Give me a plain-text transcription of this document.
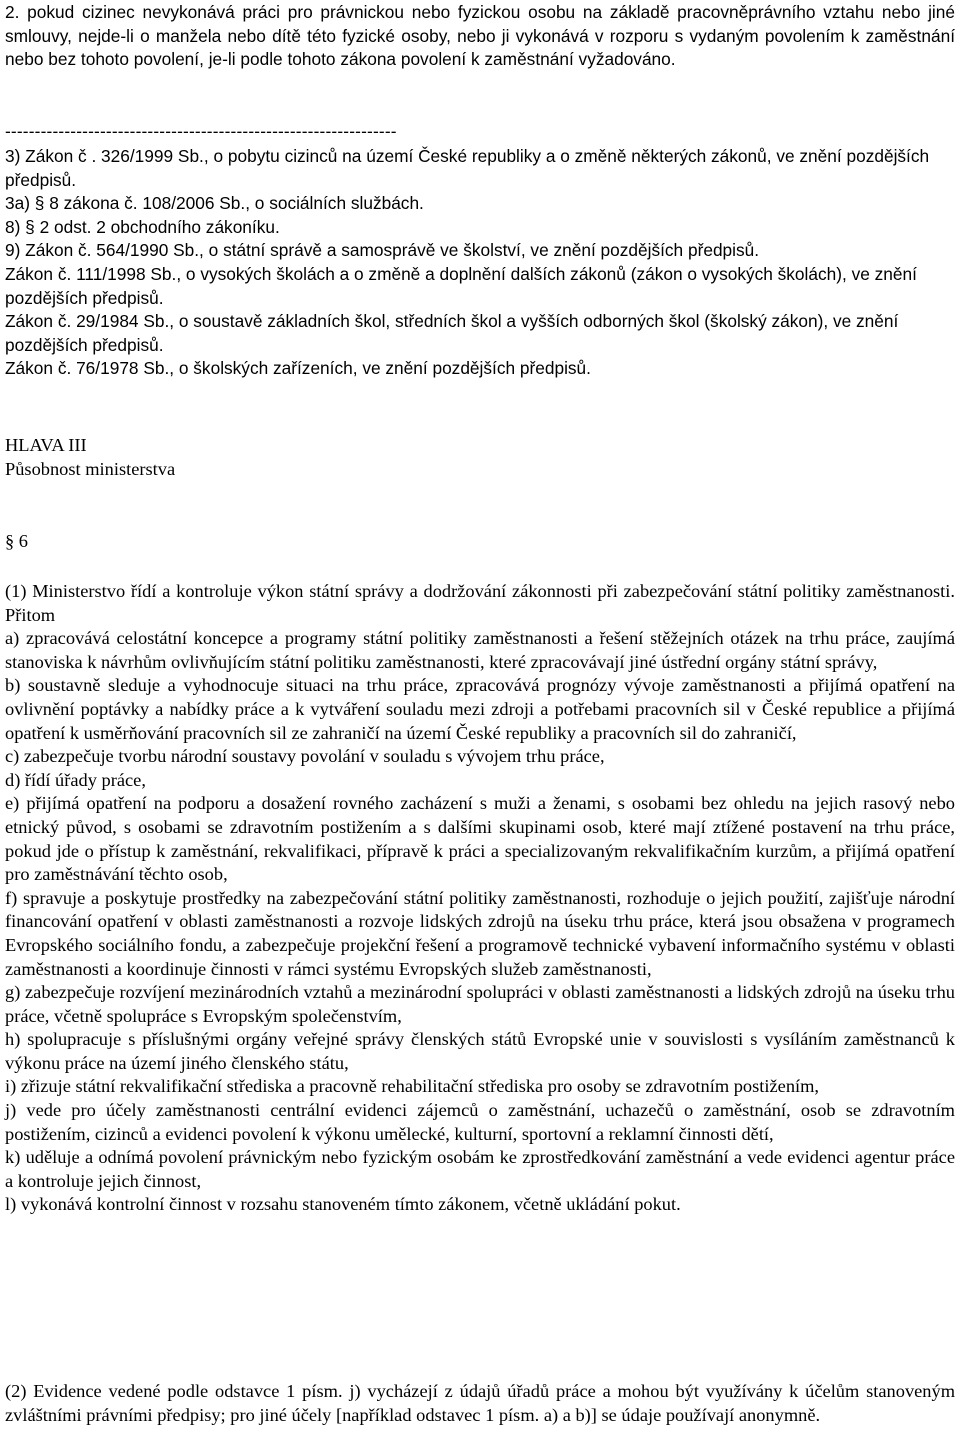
2. pokud cizinec nevykonává práci pro právnickou nebo fyzickou osobu na základě pracovněprávního vztahu nebo jiné smlouvy, nejde-li o manžela nebo dítě této fyzické osoby, nebo ji vykonává v rozporu s vydaným povolením k zaměstnání nebo bez tohoto povolení, je-li podle tohoto zákona povolení k zaměstnání vyžadováno.

------------------------------------------------------------------

3) Zákon č . 326/1999 Sb., o pobytu cizinců na území České republiky a o změně některých zákonů, ve znění pozdějších předpisů.

3a) § 8 zákona č. 108/2006 Sb., o sociálních službách.

8) § 2 odst. 2 obchodního zákoníku.

9) Zákon č. 564/1990 Sb., o státní správě a samosprávě ve školství, ve znění pozdějších předpisů.

Zákon č. 111/1998 Sb., o vysokých školách a o změně a doplnění dalších zákonů (zákon o vysokých školách), ve znění pozdějších předpisů.

Zákon č. 29/1984 Sb., o soustavě základních škol, středních škol a vyšších odborných škol (školský zákon), ve znění pozdějších předpisů.

Zákon č. 76/1978 Sb., o školských zařízeních, ve znění pozdějších předpisů.

HLAVA III

Působnost ministerstva

§ 6

(1) Ministerstvo řídí a kontroluje výkon státní správy a dodržování zákonnosti při zabezpečování státní politiky zaměstnanosti. Přitom

a) zpracovává celostátní koncepce a programy státní politiky zaměstnanosti a řešení stěžejních otázek na trhu práce, zaujímá stanoviska k návrhům ovlivňujícím státní politiku zaměstnanosti, které zpracovávají jiné ústřední orgány státní správy,

b) soustavně sleduje a vyhodnocuje situaci na trhu práce, zpracovává prognózy vývoje zaměstnanosti a přijímá opatření na ovlivnění poptávky a nabídky práce a k vytváření souladu mezi zdroji a potřebami pracovních sil v České republice a přijímá opatření k usměrňování pracovních sil ze zahraničí na území České republiky a pracovních sil do zahraničí,

c) zabezpečuje tvorbu národní soustavy povolání v souladu s vývojem trhu práce,

d) řídí úřady práce,

e) přijímá opatření na podporu a dosažení rovného zacházení s muži a ženami, s osobami bez ohledu na jejich rasový nebo etnický původ, s osobami se zdravotním postižením a s dalšími skupinami osob, které mají ztížené postavení na trhu práce, pokud jde o přístup k zaměstnání, rekvalifikaci, přípravě k práci a specializovaným rekvalifikačním kurzům, a přijímá opatření pro zaměstnávání těchto osob,

f) spravuje a poskytuje prostředky na zabezpečování státní politiky zaměstnanosti, rozhoduje o jejich použití, zajišťuje národní financování opatření v oblasti zaměstnanosti a rozvoje lidských zdrojů na úseku trhu práce, která jsou obsažena v programech Evropského sociálního fondu, a zabezpečuje projekční řešení a programově technické vybavení informačního systému v oblasti zaměstnanosti a koordinuje činnosti v rámci systému Evropských služeb zaměstnanosti,

g) zabezpečuje rozvíjení mezinárodních vztahů a mezinárodní spolupráci v oblasti zaměstnanosti a lidských zdrojů na úseku trhu práce, včetně spolupráce s Evropským společenstvím,

h) spolupracuje s příslušnými orgány veřejné správy členských států Evropské unie v souvislosti s vysíláním zaměstnanců k výkonu práce na území jiného členského státu,

i) zřizuje státní rekvalifikační střediska a pracovně rehabilitační střediska pro osoby se zdravotním postižením,

j) vede pro účely zaměstnanosti centrální evidenci zájemců o zaměstnání, uchazečů o zaměstnání, osob se zdravotním postižením, cizinců a evidenci povolení k výkonu umělecké, kulturní, sportovní a reklamní činnosti dětí,

k) uděluje a odnímá povolení právnickým nebo fyzickým osobám ke zprostředkování zaměstnání a vede evidenci agentur práce a kontroluje jejich činnost,

l) vykonává kontrolní činnost v rozsahu stanoveném tímto zákonem, včetně ukládání pokut.

(2) Evidence vedené podle odstavce 1 písm. j) vycházejí z údajů úřadů práce a mohou být využívány k účelům stanoveným zvláštními právními předpisy; pro jiné účely [například odstavec 1 písm. a) a b)] se údaje používají anonymně.
